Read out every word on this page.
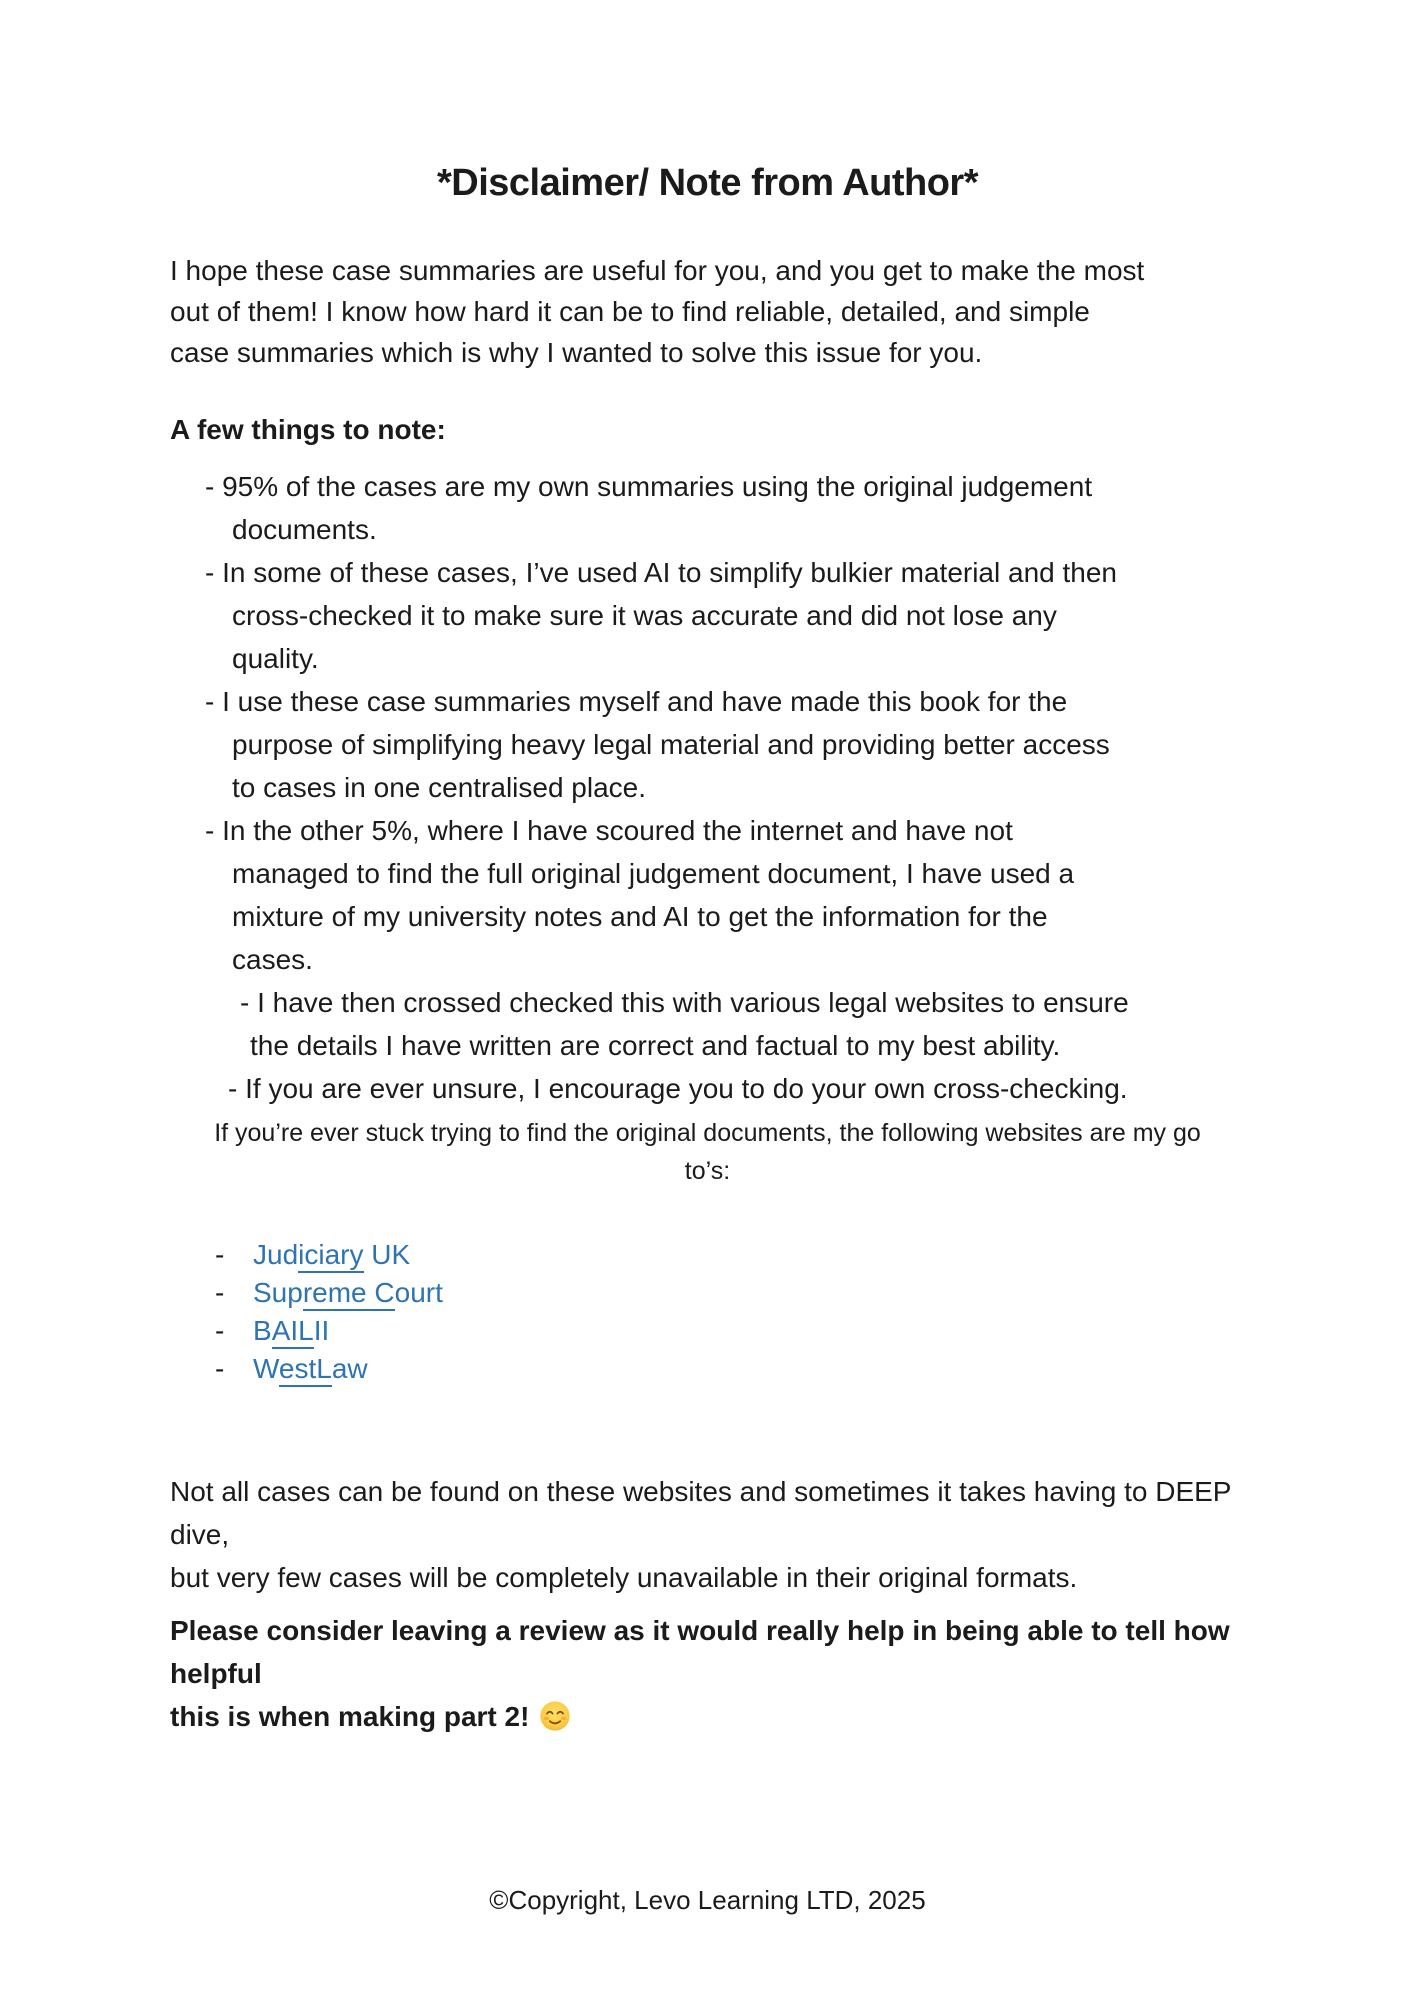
*Disclaimer/ Note from Author*
I hope these case summaries are useful for you, and you get to make the most
out of them! I know how hard it can be to find reliable, detailed, and simple
case summaries which is why I wanted to solve this issue for you.
A few things to note:
- 95% of the cases are my own summaries using the original judgement
documents.
- In some of these cases, I’ve used AI to simplify bulkier material and then
cross-checked it to make sure it was accurate and did not lose any
quality.
- I use these case summaries myself and have made this book for the
purpose of simplifying heavy legal material and providing better access
to cases in one centralised place.
- In the other 5%, where I have scoured the internet and have not
managed to find the full original judgement document, I have used a
mixture of my university notes and AI to get the information for the
cases.
- I have then crossed checked this with various legal websites to ensure
the details I have written are correct and factual to my best ability.
- If you are ever unsure, I encourage you to do your own cross-checking.
If you’re ever stuck trying to find the original documents, the following websites are my go
to’s:
-	Judiciary UK
-	Supreme Court
-	BAILII
-	WestLaw
Not all cases can be found on these websites and sometimes it takes having to DEEP dive,
but very few cases will be completely unavailable in their original formats.
Please consider leaving a review as it would really help in being able to tell how helpful
this is when making part 2!
©Copyright, Levo Learning LTD, 2025
